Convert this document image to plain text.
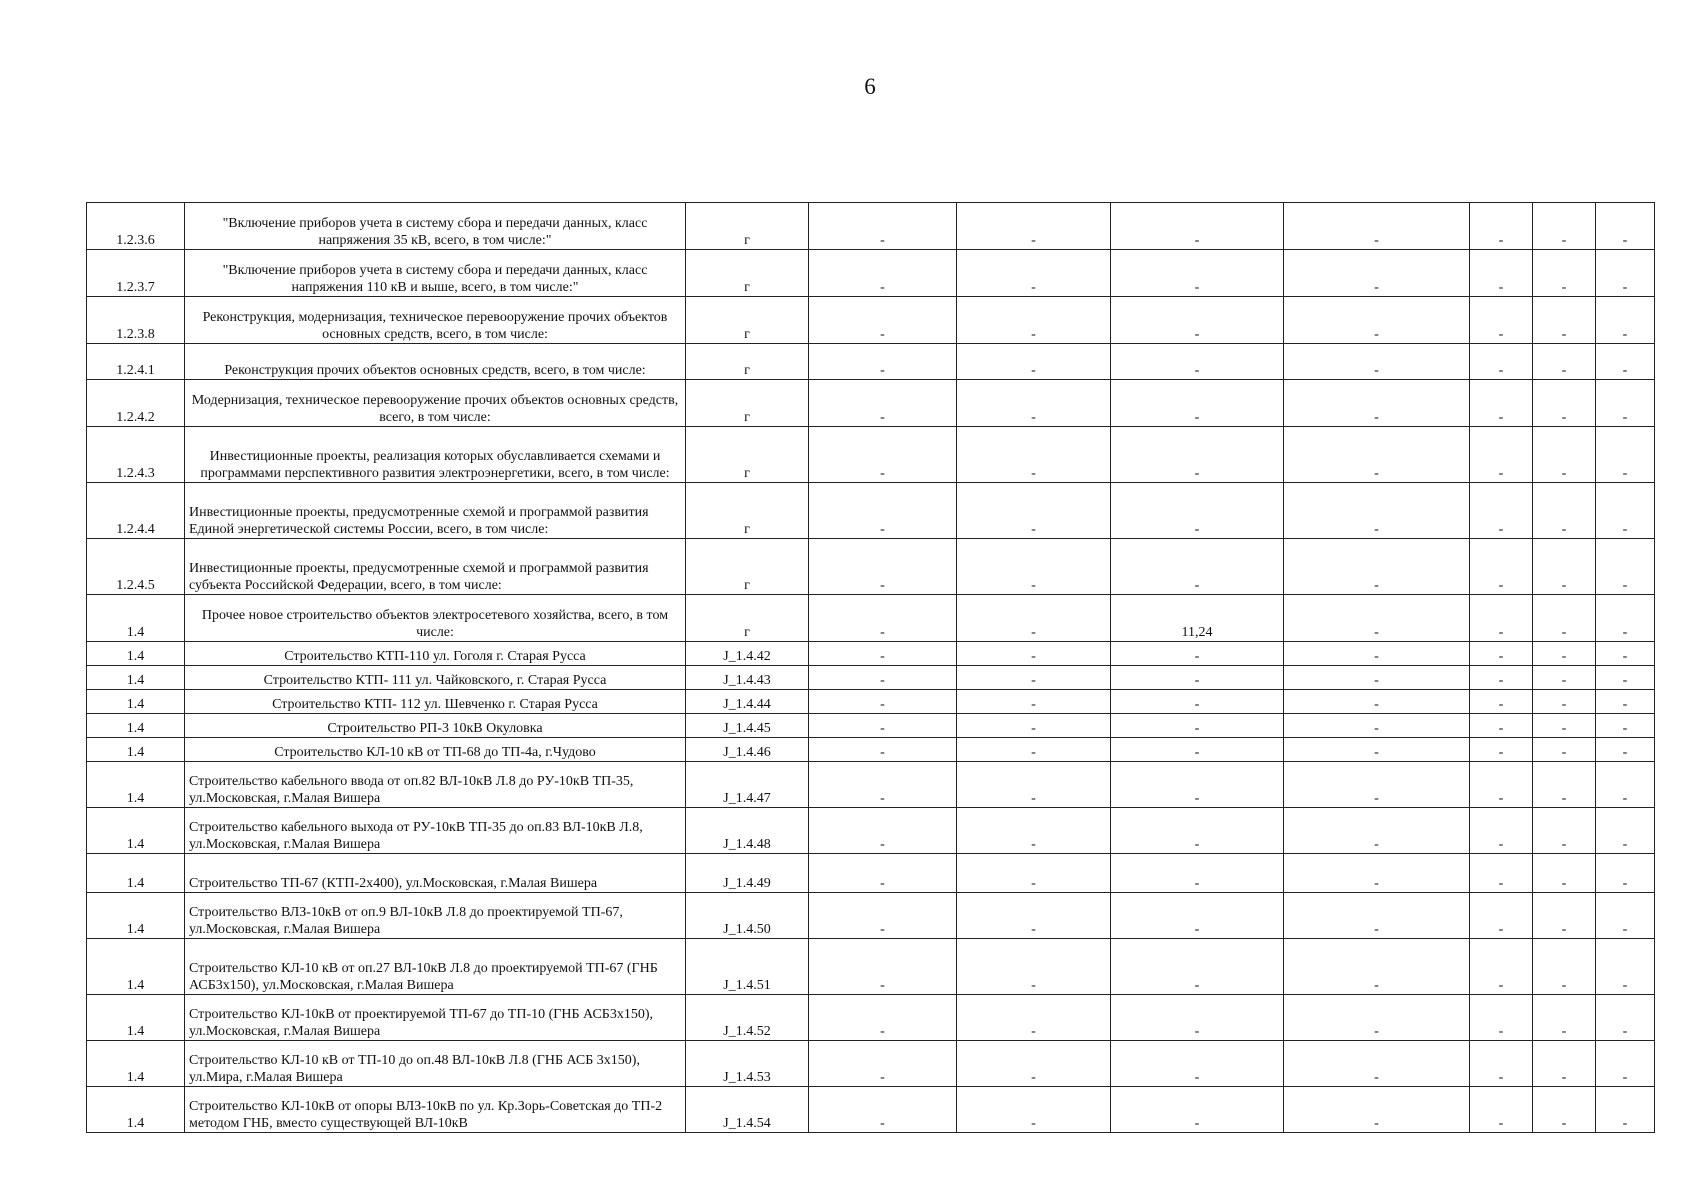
6
1.2.3.6	"Включение приборов учета в систему сбора и передачи данных, класс напряжения 35 кВ, всего, в том числе:"	г	-	-	-	-	-	-	-
1.2.3.7	"Включение приборов учета в систему сбора и передачи данных, класс напряжения 110 кВ и выше, всего, в том числе:"	г	-	-	-	-	-	-	-
1.2.3.8	Реконструкция, модернизация, техническое перевооружение прочих объектов основных средств, всего, в том числе:	г	-	-	-	-	-	-	-
1.2.4.1	Реконструкция прочих объектов основных средств, всего, в том числе:	г	-	-	-	-	-	-	-
1.2.4.2	Модернизация, техническое перевооружение прочих объектов основных средств, всего, в том числе:	г	-	-	-	-	-	-	-
1.2.4.3	Инвестиционные проекты, реализация которых обуславливается схемами и программами перспективного развития электроэнергетики, всего, в том числе:	г	-	-	-	-	-	-	-
1.2.4.4	Инвестиционные проекты, предусмотренные схемой и программой развития Единой энергетической системы России, всего, в том числе:	г	-	-	-	-	-	-	-
1.2.4.5	Инвестиционные проекты, предусмотренные схемой и программой развития субъекта Российской Федерации, всего, в том числе:	г	-	-	-	-	-	-	-
1.4	Прочее новое строительство объектов электросетевого хозяйства, всего, в том числе:	г	-	-	11,24	-	-	-	-
1.4	Строительство КТП-110 ул. Гоголя г. Старая Русса	J_1.4.42	-	-	-	-	-	-	-
1.4	Строительство КТП- 111 ул. Чайковского, г. Старая Русса	J_1.4.43	-	-	-	-	-	-	-
1.4	Строительство КТП- 112 ул. Шевченко г. Старая Русса	J_1.4.44	-	-	-	-	-	-	-
1.4	Строительство РП-3 10кВ Окуловка	J_1.4.45	-	-	-	-	-	-	-
1.4	Строительство КЛ-10 кВ от ТП-68 до ТП-4а, г.Чудово	J_1.4.46	-	-	-	-	-	-	-
1.4	Строительство кабельного ввода от оп.82 ВЛ-10кВ Л.8 до РУ-10кВ ТП-35, ул.Московская, г.Малая Вишера	J_1.4.47	-	-	-	-	-	-	-
1.4	Строительство кабельного выхода от РУ-10кВ ТП-35 до оп.83 ВЛ-10кВ Л.8, ул.Московская, г.Малая Вишера	J_1.4.48	-	-	-	-	-	-	-
1.4	Строительство ТП-67 (КТП-2х400), ул.Московская, г.Малая Вишера	J_1.4.49	-	-	-	-	-	-	-
1.4	Строительство ВЛЗ-10кВ от оп.9 ВЛ-10кВ Л.8 до проектируемой ТП-67, ул.Московская, г.Малая Вишера	J_1.4.50	-	-	-	-	-	-	-
1.4	Строительство КЛ-10 кВ от оп.27 ВЛ-10кВ Л.8 до проектируемой ТП-67 (ГНБ АСБ3х150), ул.Московская, г.Малая Вишера	J_1.4.51	-	-	-	-	-	-	-
1.4	Строительство КЛ-10кВ от проектируемой ТП-67 до ТП-10 (ГНБ АСБ3х150), ул.Московская, г.Малая Вишера	J_1.4.52	-	-	-	-	-	-	-
1.4	Строительство КЛ-10 кВ от ТП-10 до оп.48 ВЛ-10кВ Л.8 (ГНБ АСБ 3х150), ул.Мира, г.Малая Вишера	J_1.4.53	-	-	-	-	-	-	-
1.4	Строительство КЛ-10кВ от опоры ВЛЗ-10кВ по ул. Кр.Зорь-Советская до ТП-2 методом ГНБ, вместо существующей ВЛ-10кВ	J_1.4.54	-	-	-	-	-	-	-
